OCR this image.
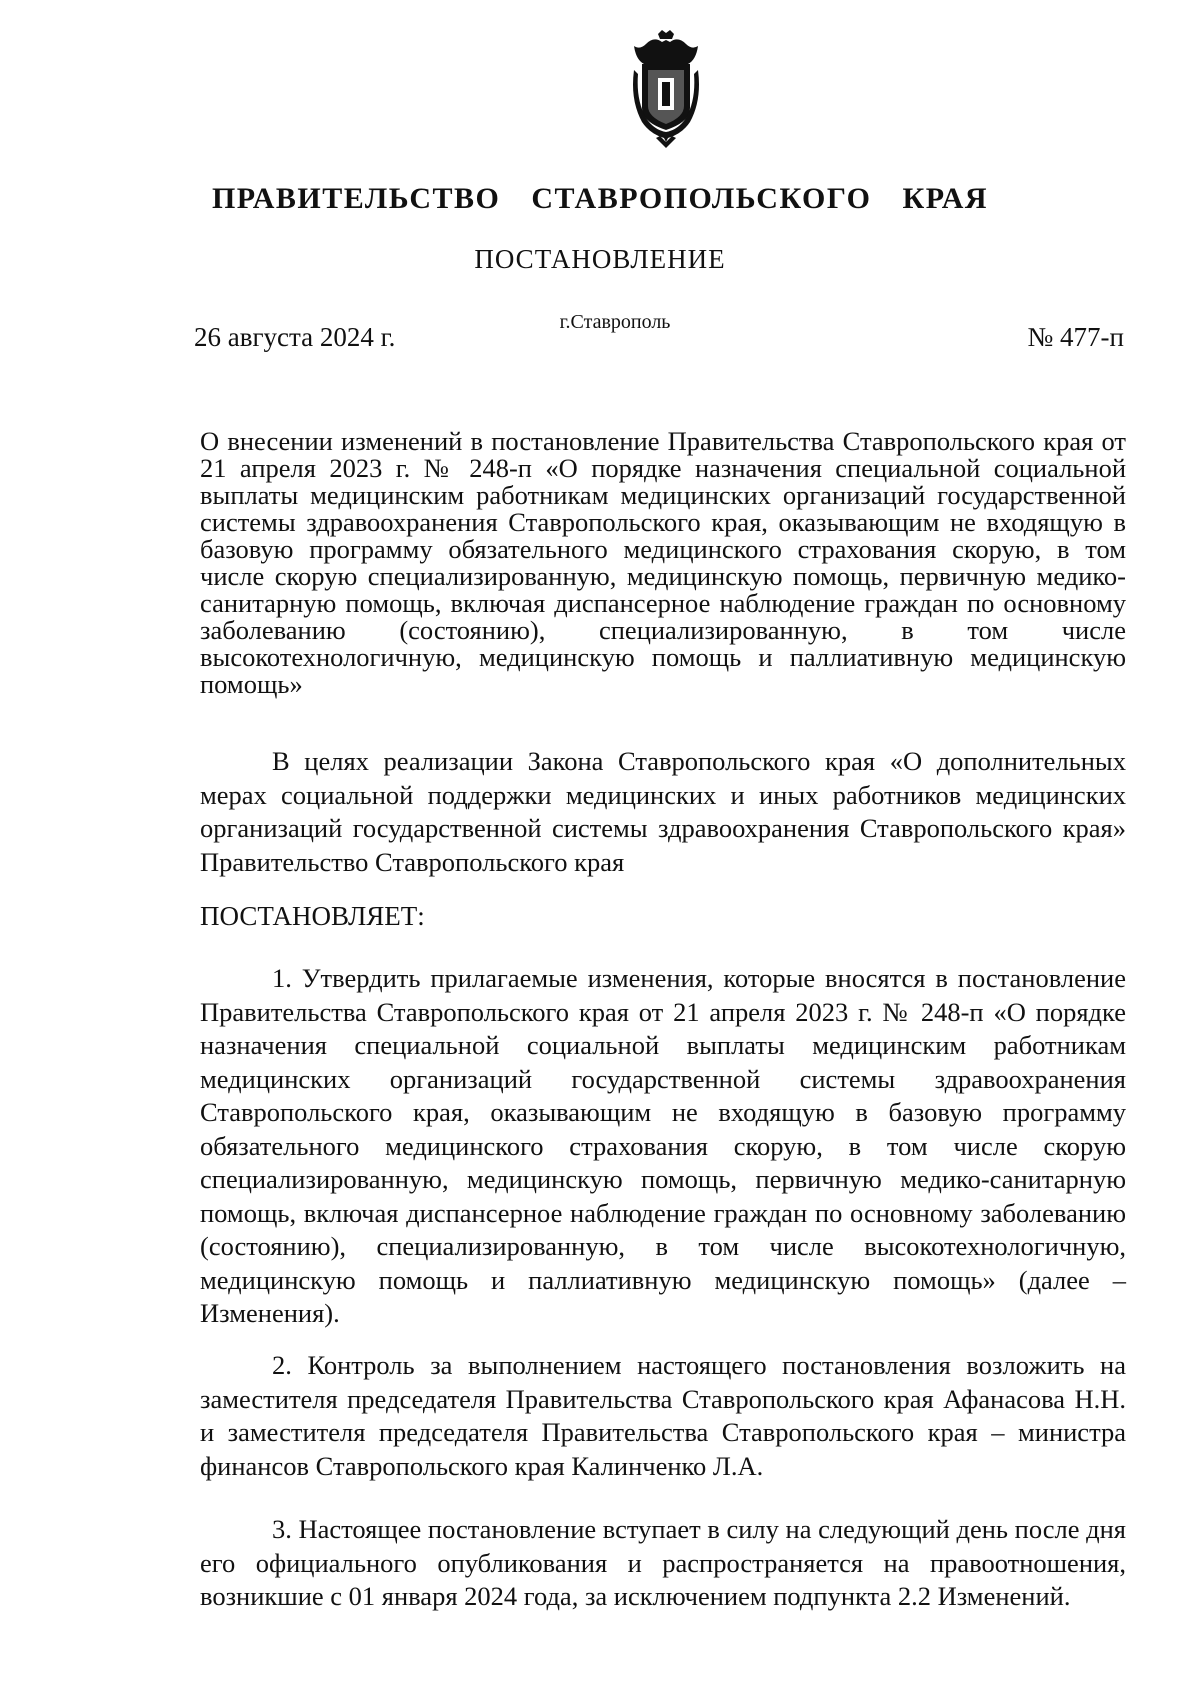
ПРАВИТЕЛЬСТВО СТАВРОПОЛЬСКОГО КРАЯ
ПОСТАНОВЛЕНИЕ
26 августа 2024 г.	г.Ставрополь	№ 477-п
О внесении изменений в постановление Правительства Ставропольского края от 21 апреля 2023 г. № 248-п «О порядке назначения специальной социальной выплаты медицинским работникам медицинских организаций государственной системы здравоохранения Ставропольского края, оказывающим не входящую в базовую программу обязательного медицинского страхования скорую, в том числе скорую специализированную, медицинскую помощь, первичную медико-санитарную помощь, включая диспансерное наблюдение граждан по основному заболеванию (состоянию), специализированную, в том числе высокотехнологичную, медицинскую помощь и паллиативную медицинскую помощь»
В целях реализации Закона Ставропольского края «О дополнительных мерах социальной поддержки медицинских и иных работников медицинских организаций государственной системы здравоохранения Ставропольского края» Правительство Ставропольского края
ПОСТАНОВЛЯЕТ:
1. Утвердить прилагаемые изменения, которые вносятся в постановление Правительства Ставропольского края от 21 апреля 2023 г. № 248-п «О порядке назначения специальной социальной выплаты медицинским работникам медицинских организаций государственной системы здравоохранения Ставропольского края, оказывающим не входящую в базовую программу обязательного медицинского страхования скорую, в том числе скорую специализированную, медицинскую помощь, первичную медико-санитарную помощь, включая диспансерное наблюдение граждан по основному заболеванию (состоянию), специализированную, в том числе высокотехнологичную, медицинскую помощь и паллиативную медицинскую помощь» (далее – Изменения).
2. Контроль за выполнением настоящего постановления возложить на заместителя председателя Правительства Ставропольского края Афанасова Н.Н. и заместителя председателя Правительства Ставропольского края – министра финансов Ставропольского края Калинченко Л.А.
3. Настоящее постановление вступает в силу на следующий день после дня его официального опубликования и распространяется на правоотношения, возникшие с 01 января 2024 года, за исключением подпункта 2.2 Изменений.
